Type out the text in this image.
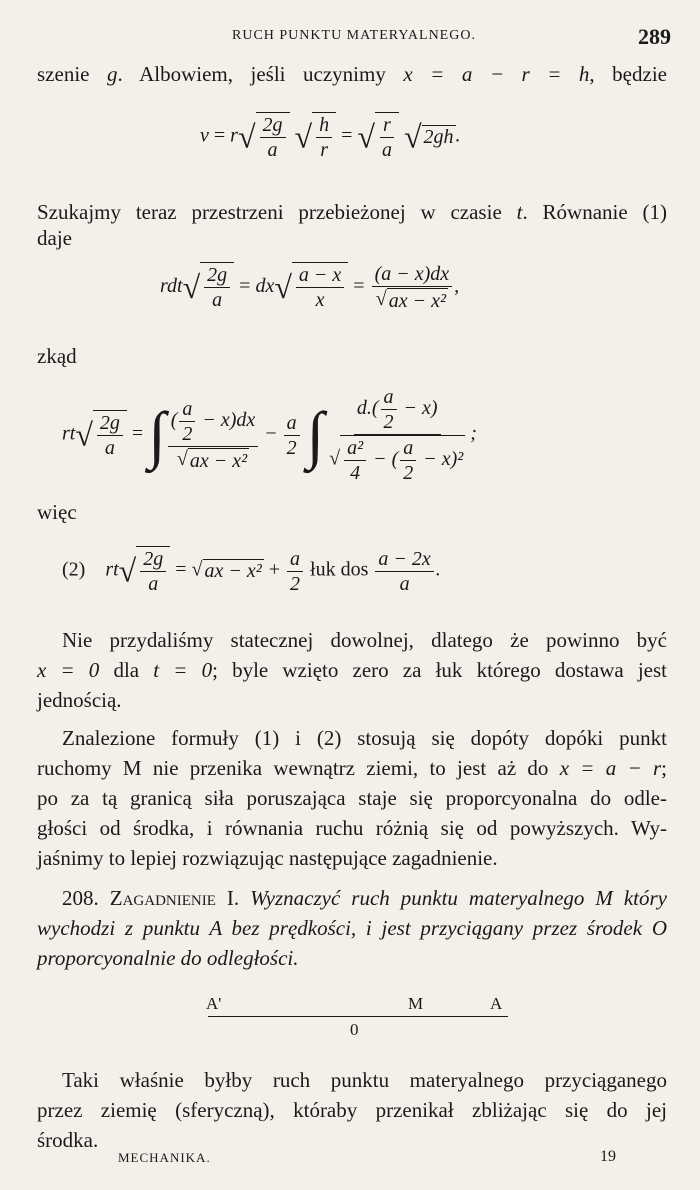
RUCH PUNKTU MATERYALNEGO.	289
szenie g. Albowiem, jeśli uczynimy x = a − r = h, będzie
$v = r√ \frac{2g}{a}$ √ $\frac{h}{r}$ = √ $\frac{r}{a}$ √ 2gh .
Szukajmy teraz przestrzeni przebieżonej w czasie t. Równanie (1)
daje
$rdt√ \frac{2g}{a} = dx√ \frac{a - x}{x} = \frac{(a - x)dx}{\text{√ ax − x²}}$ ,
zkąd
$rt√ \frac{2g}{a}$ = ∫ $\frac{( \frac{a}{2} - x)dx}{\text{√ ax − x²}} - \frac{a}{2}$ ∫ $\frac{d.( \frac{a}{2} - x)}{√ \frac{\text{a²}}{4} - ( \frac{a}{2} - x)^2}$ ;
więc
(2)    $rt√ \frac{2g}{a}$ = √ ax − $x^2 + \frac{a}{2}$ łuk dos $\frac{a - 2x}{a}$ .
Nie przydaliśmy statecznej dowolnej, dlatego że powinno być
x = 0 dla t = 0; byle wzięto zero za łuk którego dostawa jest
jednością.
Znalezione formuły (1) i (2) stosują się dopóty dopóki punkt
ruchomy M nie przenika wewnątrz ziemi, to jest aż do x = a − r;
po za tą granicą siła poruszająca staje się proporcyonalna do odle-
głości od środka, i równania ruchu różnią się od powyższych. Wy-
jaśnimy to lepiej rozwiązując następujące zagadnienie.
208. Zagadnienie I. Wyznaczyć ruch punktu materyalnego M który
wychodzi z punktu A bez prędkości, i jest przyciągany przez środek O
proporcyonalnie do odległości.
A'	M	A
0
Taki właśnie byłby ruch punktu materyalnego przyciąganego
przez ziemię (sferyczną), któraby przenikał zbliżając się do jej
środka.
MECHANIKA.	19
